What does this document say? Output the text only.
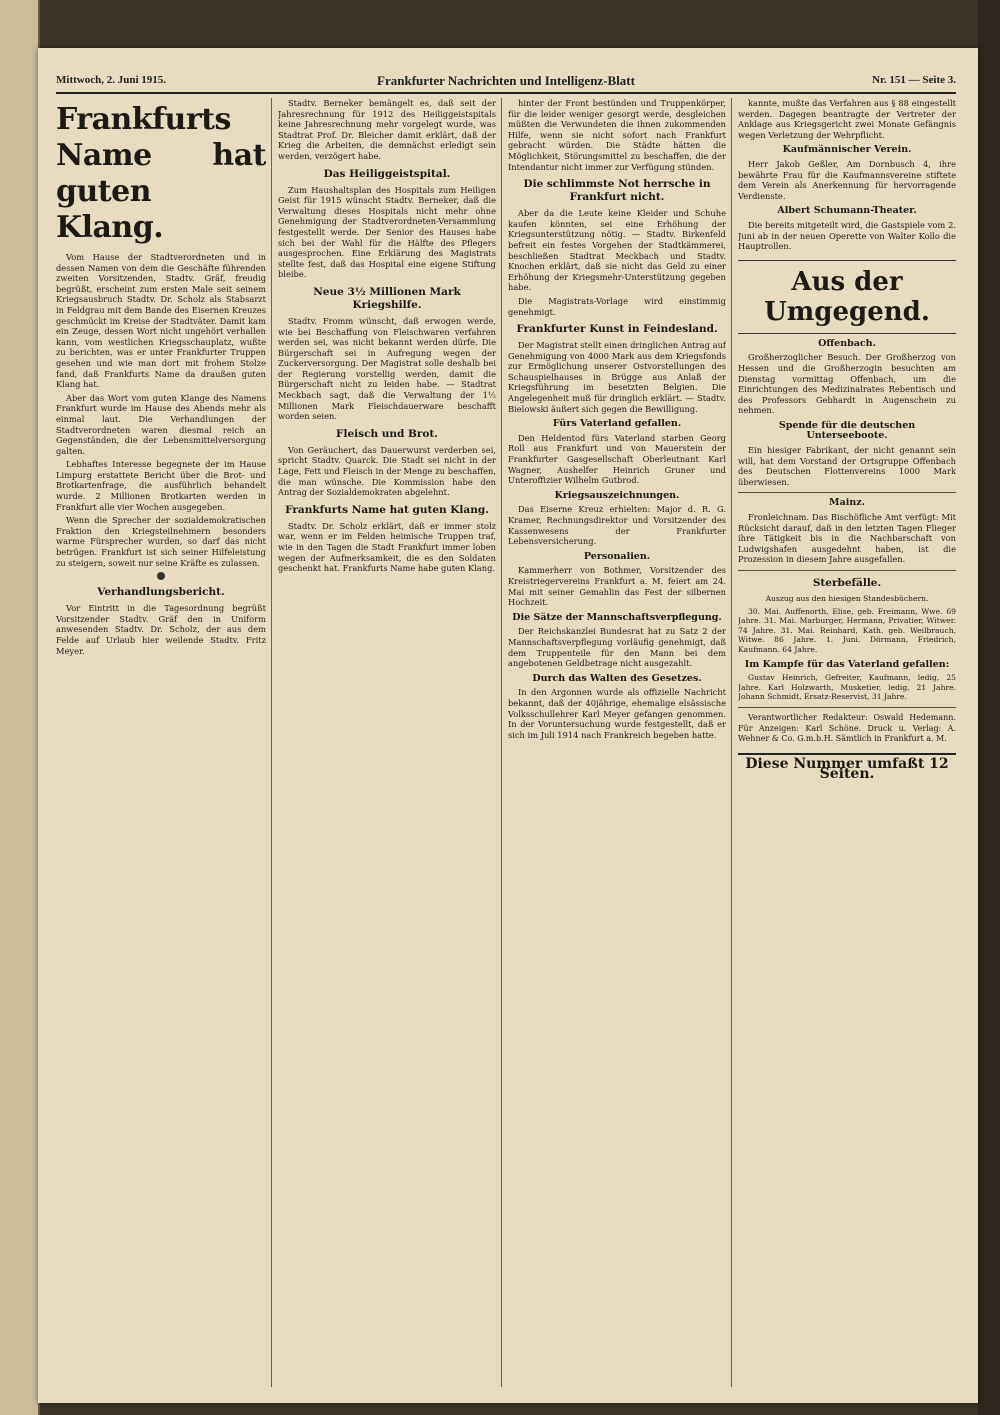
Mittwoch, 2. Juni 1915.	Frankfurter Nachrichten und Intelligenz-Blatt	Nr. 151 — Seite 3.
Frankfurts Name hat guten Klang.

Vom Hause der Stadtverordneten und in dessen Namen von dem die Geschäfte führenden zweiten Vorsitzenden, Stadtv. Gräf, freudig begrüßt, erscheint zum ersten Male seit seinem Kriegsausbruch Stadtv. Dr. Scholz als Stabsarzt in Feldgrau mit dem Bande des Eisernen Kreuzes geschmückt im Kreise der Stadtväter. Damit kam ein Zeuge, dessen Wort nicht ungehört verhallen kann, vom westlichen Kriegsschauplatz, wußte zu berichten, was er unter Frankfurter Truppen gesehen und wie man dort mit frohem Stolze fand, daß Frankfurts Name da draußen guten Klang hat.

Aber das Wort vom guten Klange des Namens Frankfurt wurde im Hause des Abends mehr als einmal laut. Die Verhandlungen der Stadtverordneten waren diesmal reich an Gegenständen, die der Lebensmittelversorgung galten.

Lebhaftes Interesse begegnete der im Hause Limpurg erstattete Bericht über die Brot- und Brotkartenfrage, die ausführlich behandelt wurde. 2 Millionen Brotkarten werden in Frankfurt alle vier Wochen ausgegeben.

Wenn die Sprecher der sozialdemokratischen Fraktion den Kriegsteilnehmern besonders warme Fürsprecher wurden, so darf das nicht betrügen. Frankfurt ist sich seiner Hilfeleistung zu steigern, soweit nur seine Kräfte es zulassen.

Verhandlungsbericht.

Vor Eintritt in die Tagesordnung begrüßt Vorsitzender Stadtv. Gräf den in Uniform anwesenden Stadtv. Dr. Scholz, der aus dem Felde auf Urlaub hier weilende Stadtv. Fritz Meyer.

Stadtv. Berneker bemängelt es, daß seit der Jahresrechnung für 1912 des Heiliggeistspitals keine Jahresrechnung mehr vorgelegt wurde, was Stadtrat Prof. Dr. Bleicher damit erklärt, daß der Krieg die Arbeiten, die demnächst erledigt sein werden, verzögert habe.

Das Heiliggeistspital.

Zum Haushaltsplan des Hospitals zum Heiligen Geist für 1915 wünscht Stadtv. Berneker, daß die Verwaltung dieses Hospitals nicht mehr ohne Genehmigung der Stadtverordneten-Versammlung festgestellt werde. Der Senior des Hauses habe sich bei der Wahl für die Hälfte des Pflegers ausgesprochen. Eine Erklärung des Magistrats stellte fest, daß das Hospital eine eigene Stiftung bleibe.

Neue 3½ Millionen Mark Kriegshilfe.

Stadtv. Fromm wünscht, daß erwogen werde, wie bei Beschaffung von Fleischwaren verfahren werden sei, was nicht bekannt werden dürfe. Die Bürgerschaft sei in Aufregung wegen der Zuckerversorgung. Der Magistrat solle deshalb bei der Regierung vorstellig werden, damit die Bürgerschaft nicht zu leiden habe. — Stadtrat Meckbach sagt, daß die Verwaltung der 1½ Millionen Mark Fleischdauerware beschafft worden seien.

Fleisch und Brot.

Von Geräuchert, das Dauerwurst verderben sei, spricht Stadtv. Quarck. Die Stadt sei nicht in der Lage, Fett und Fleisch in der Menge zu beschaffen, die man wünsche. Die Kommission habe den Antrag der Sozialdemokraten abgelehnt.

Frankfurts Name hat guten Klang.

Stadtv. Dr. Scholz erklärt, daß er immer stolz war, wenn er im Felden heimische Truppen traf, wie in den Tagen die Stadt Frankfurt immer loben wegen der Aufmerksamkeit, die es den Soldaten geschenkt hat. Frankfurts Name habe guten Klang.

hinter der Front bestünden und Truppenkörper, für die leider weniger gesorgt werde, desgleichen müßten die Verwundeten die ihnen zukommenden Hilfe, wenn sie nicht sofort nach Frankfurt gebracht würden. Die Städte hätten die Möglichkeit, Störungsmittel zu beschaffen, die der Intendantur nicht immer zur Verfügung stünden.

Die schlimmste Not herrsche in Frankfurt nicht.

Aber da die Leute keine Kleider und Schuhe kaufen könnten, sei eine Erhöhung der Kriegsunterstützung nötig. — Stadtv. Birkenfeld befreit ein festes Vorgehen der Stadtkämmerei, beschließen Stadtrat Meckbach und Stadtv. Knochen erklärt, daß sie nicht das Geld zu einer Erhöhung der Kriegsmehr-Unterstützung gegeben habe.

Die Magistrats-Vorlage wird einstimmig genehmigt.

Frankfurter Kunst in Feindesland.

Der Magistrat stellt einen dringlichen Antrag auf Genehmigung von 4000 Mark aus dem Kriegsfonds zur Ermöglichung unserer Ostvorstellungen des Schauspielhauses in Brügge aus Anlaß der Kriegsführung im besetzten Belgien. Die Angelegenheit muß für dringlich erklärt. — Stadtv. Bielowski äußert sich gegen die Bewilligung.

Fürs Vaterland gefallen.

Den Heldentod fürs Vaterland starben Georg Roll aus Frankfurt und von Mauerstein der Frankfurter Gasgesellschaft Oberleutnant Karl Wagner, Aushelfer Heinrich Gruner und Unteroffizier Wilhelm Gutbrod.

Kriegsauszeichnungen.

Das Eiserne Kreuz erhielten: Major d. R. G. Kramer, Rechnungsdirektor und Vorsitzender des Kassenwesens der Frankfurter Lebensversicherung.

Personalien.

Kammerherr von Bothmer, Vorsitzender des Kreistriegervereins Frankfurt a. M. feiert am 24. Mai mit seiner Gemahlin das Fest der silbernen Hochzeit.

Die Sätze der Mannschaftsverpflegung.

Der Reichskanzlei Bundesrat hat zu Satz 2 der Mannschaftsverpflegung vorläufig genehmigt, daß dem Truppenteile für den Mann bei dem angebotenen Geldbetrage nicht ausgezahlt.

Durch das Walten des Gesetzes.

In den Argonnen wurde als offizielle Nachricht bekannt, daß der 40jährige, ehemalige elsässische Volksschullehrer Karl Meyer gefangen genommen. In der Voruntersuchung wurde festgestellt, daß er sich im Juli 1914 nach Frankreich begeben hatte.

kannte, mußte das Verfahren aus § 88 eingestellt werden. Dagegen beantragte der Vertreter der Anklage aus Kriegsgericht zwei Monate Gefängnis wegen Verletzung der Wehrpflicht.

Kaufmännischer Verein.

Herr Jakob Geßler, Am Dornbusch 4, ihre bewährte Frau für die Kaufmannsvereine stiftete dem Verein als Anerkennung für hervorragende Verdienste.

Albert Schumann-Theater.

Die bereits mitgeteilt wird, die Gastspiele vom 2. Juni ab in der neuen Operette von Walter Kollo die Hauptrollen.

Aus der Umgegend.
Offenbach.

Großherzoglicher Besuch. Der Großherzog von Hessen und die Großherzogin besuchten am Dienstag vormittag Offenbach, um die Einrichtungen des Medizinalrates Rebentisch und des Professors Gebhardt in Augenschein zu nehmen.

Spende für die deutschen Unterseeboote.

Ein hiesiger Fabrikant, der nicht genannt sein will, hat dem Vorstand der Ortsgruppe Offenbach des Deutschen Flottenvereins 1000 Mark überwiesen.

Mainz.

Fronleichnam. Das Bischöfliche Amt verfügt: Mit Rücksicht darauf, daß in den letzten Tagen Flieger ihre Tätigkeit bis in die Nachbarschaft von Ludwigshafen ausgedehnt haben, ist die Prozession in diesem Jahre ausgefallen.

Sterbefälle.

Auszug aus den hiesigen Standesbüchern.

30. Mai. Auffenorth, Elise, geb. Freimann, Wwe. 69 Jahre. 31. Mai. Marburger, Hermann, Privatier, Witwer. 74 Jahre. 31. Mai. Reinhard, Kath. geb. Weilbrauch, Witwe. 86 Jahre. 1. Juni. Dörmann, Friedrich, Kaufmann. 64 Jahre.

Im Kampfe für das Vaterland gefallen:

Gustav Heinrich, Gefreiter, Kaufmann, ledig, 25 Jahre. Karl Holzwarth, Musketier, ledig, 21 Jahre. Johann Schmidt, Ersatz-Reservist, 31 Jahre.

Verantwortlicher Redakteur: Oswald Hedemann. Für Anzeigen: Karl Schöne. Druck u. Verlag: A. Wehner & Co. G.m.b.H. Sämtlich in Frankfurt a. M.

Diese Nummer umfaßt 12 Seiten.
